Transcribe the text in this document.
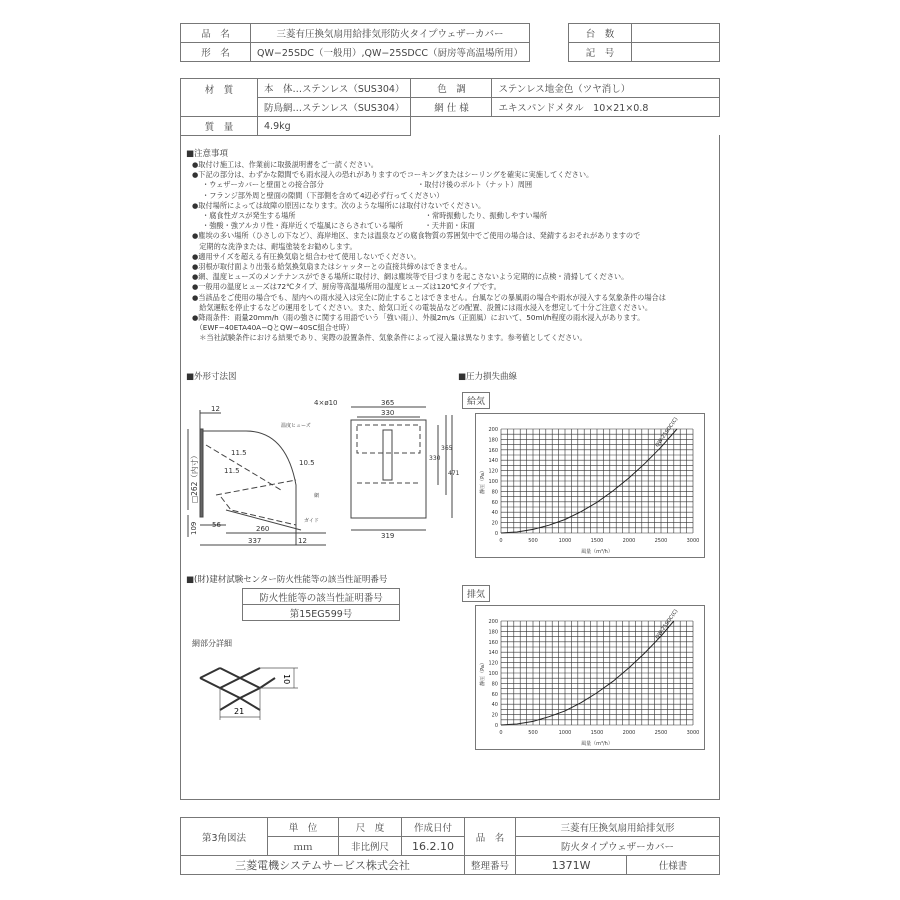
品　名	三菱有圧換気扇用給排気形防火タイプウェザーカバー
形　名	QW−25SDC（一般用）,QW−25SDCC（厨房等高温場所用）
台　数	
記　号	
材　質	本　体…ステンレス（SUS304）	色　調	ステンレス地金色（ツヤ消し）
	防鳥網…ステンレス（SUS304）	網 仕 様	エキスパンドメタル　10×21×0.8
質　量	4.9kg		
■注意事項
●取付け施工は、作業前に取扱説明書をご一読ください。
●下記の部分は、わずかな隙間でも雨水浸入の恐れがありますのでコーキングまたはシーリングを確実に実施してください。
・ウェザーカバーと壁面との接合部分　　　　　　　　　　　　　・取付け後のボルト（ナット）周囲
・フランジ部外周と壁面の隙間（下部側を含めて4辺必ず行ってください）
●取付場所によっては故障の原因になります。次のような場所には取付けないでください。
・腐食性ガスが発生する場所　　　　　　　　　　　　　　　　　　・常時振動したり、振動しやすい場所
・強酸・強アルカリ性・海岸近くで塩風にさらされている場所　　　・天井面・床面
●塵埃の多い場所（ひさしの下など）、海岸地区、または温泉などの腐食物質の雰囲気中でご使用の場合は、発錆するおそれがありますので
　定期的な洗浄または、耐塩塗装をお勧めします。
●適用サイズを超える有圧換気扇と組合わせて使用しないでください。
●羽根が取付面より出張る給気換気扇またはシャッターとの直接共締めはできません。
●網、温度ヒューズのメンテナンスができる場所に取付け、網は塵埃等で目づまりを起こさないよう定期的に点検・清掃してください。
●一般用の温度ヒューズは72℃タイプ、厨房等高温場所用の温度ヒューズは120℃タイプです。
●当該品をご使用の場合でも、屋内への雨水浸入は完全に防止することはできません。台風などの暴風雨の場合や雨水が浸入する気象条件の場合は
　給気運転を停止するなどの運用をしてください。また、給気口近くの電装品などの配置、設置には雨水浸入を想定して十分ご注意ください。
●降雨条件：雨量20mm/h（雨の強さに関する用語でいう「強い雨」）、外風2m/s（正面風）において、50ml/h程度の雨水浸入があります。
　（EWF−40ETA40A−QとQW−40SC組合せ時）
　＊当社試験条件における結果であり、実際の設置条件、気象条件によって浸入量は異なります。参考値としてください。
■外形寸法図
12
11.5
□262（内寸）	11.5
10.5
109 56	260
337	12
4×ø10	365
330
330
365
471
319
温度ヒューズ
網
ガイド
■圧力損失曲線
給気
0	500	1000	1500	2000	2500	3000
0
20
40
60
80
100
120
140
160
180
200
風量（m³/h）
静圧（Pa）
QW-25SDC(C)
排気
0	500	1000	1500	2000	2500	3000
0
20
40
60
80
100
120
140
160
180
200
風量（m³/h）
静圧（Pa）
QW-25SDC(C)
■(財)建材試験センター防火性能等の該当性証明番号
防火性能等の該当性証明番号
第15EG599号
網部分詳細
10
21
第3角図法	単　位	尺　度	作成日付	品　名	三菱有圧換気扇用給排気形	
	ｍｍ	非比例尺	16.2.10		防火タイプウェザーカバー	
三菱電機システムサービス株式会社				整理番号	1371W	仕様書
